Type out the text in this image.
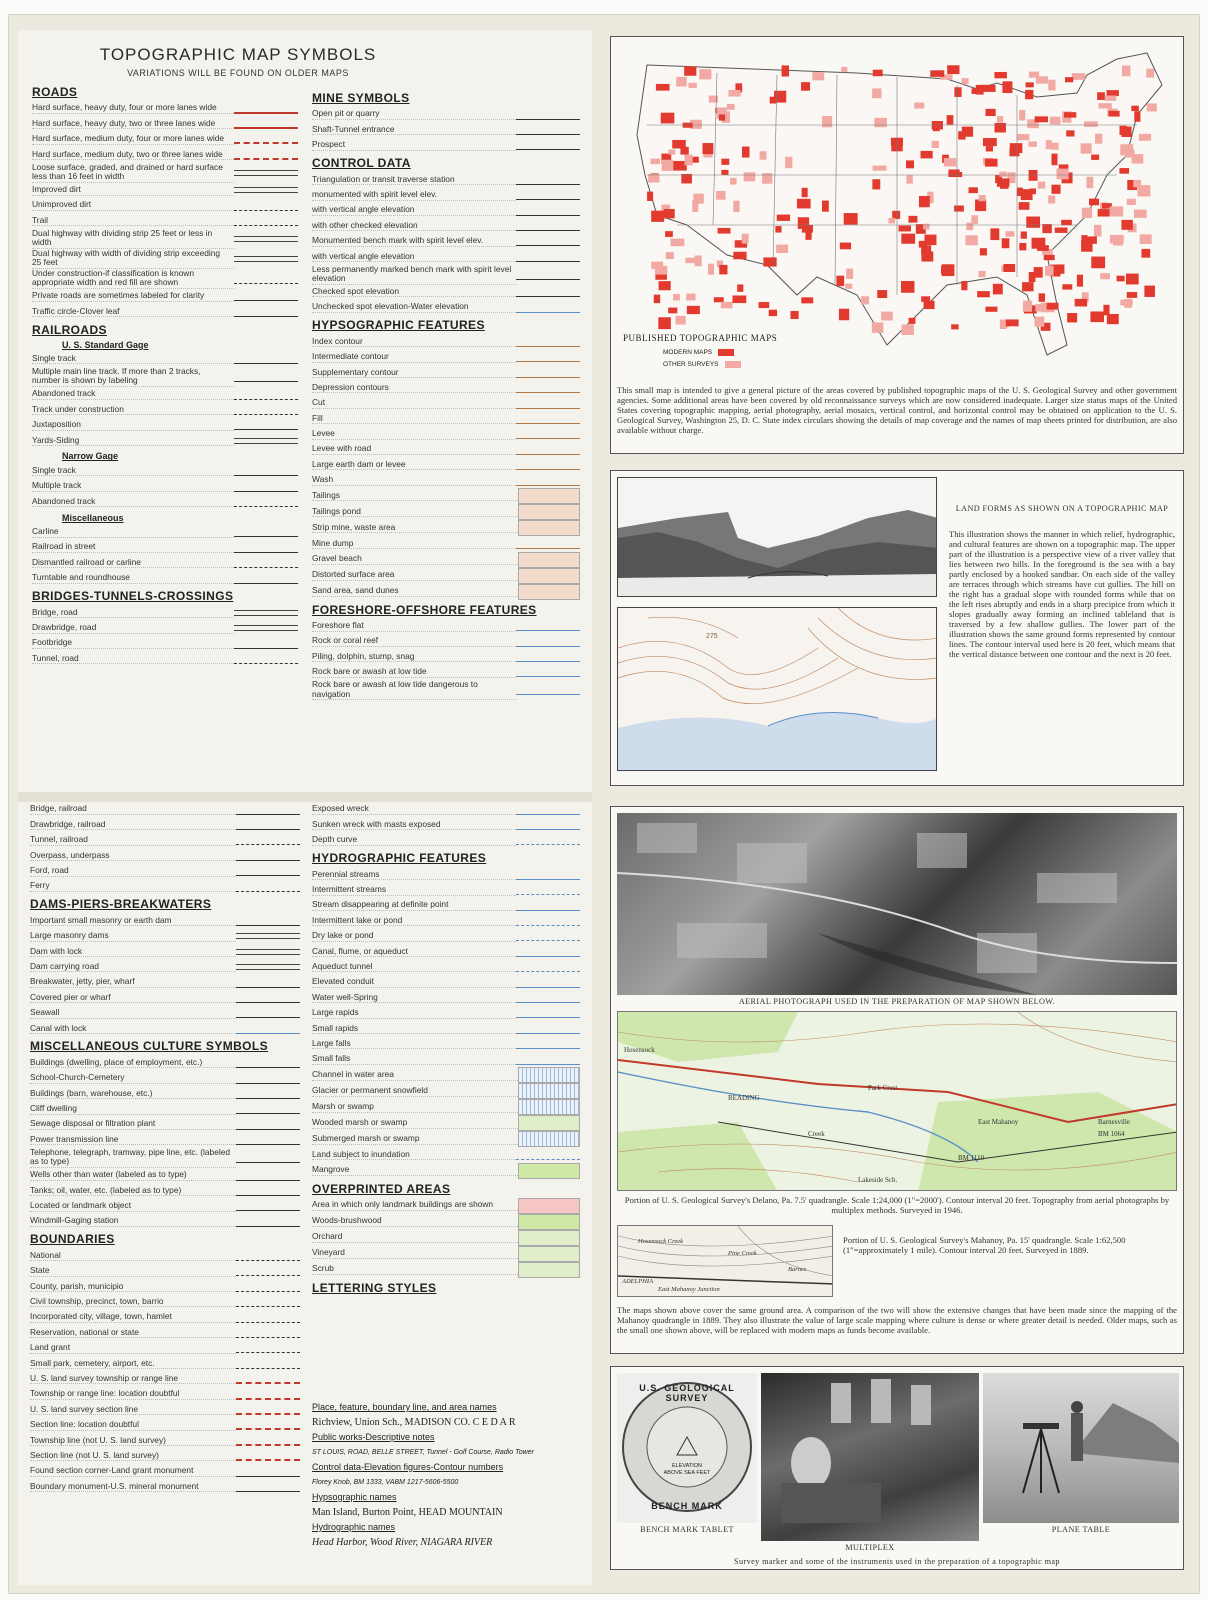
TOPOGRAPHIC MAP SYMBOLS
VARIATIONS WILL BE FOUND ON OLDER MAPS
ROADS
Hard surface, heavy duty, four or more lanes wide
Hard surface, heavy duty, two or three lanes wide
Hard surface, medium duty, four or more lanes wide
Hard surface, medium duty, two or three lanes wide
Loose surface, graded, and drained or hard surface less than 16 feet in width
Improved dirt
Unimproved dirt
Trail
Dual highway with dividing strip 25 feet or less in width
Dual highway with width of dividing strip exceeding 25 feet
Under construction-if classification is known appropriate width and red fill are shown
Private roads are sometimes labeled for clarity
Traffic circle-Clover leaf
RAILROADS
U. S. Standard Gage
Single track
Multiple main line track. If more than 2 tracks, number is shown by labeling
Abandoned track
Track under construction
Juxtaposition
Yards-Siding
Narrow Gage
Single track
Multiple track
Abandoned track
Miscellaneous
Carline
Railroad in street
Dismantled railroad or carline
Turntable and roundhouse
BRIDGES-TUNNELS-CROSSINGS
Bridge, road
Drawbridge, road
Footbridge
Tunnel, road
MINE SYMBOLS
Open pit or quarry
Shaft-Tunnel entrance
Prospect
CONTROL DATA
Triangulation or transit traverse station
monumented with spirit level elev.
with vertical angle elevation
with other checked elevation
Monumented bench mark with spirit level elev.
with vertical angle elevation
Less permanently marked bench mark with spirit level elevation
Checked spot elevation
Unchecked spot elevation-Water elevation
HYPSOGRAPHIC FEATURES
Index contour
Intermediate contour
Supplementary contour
Depression contours
Cut
Fill
Levee
Levee with road
Large earth dam or levee
Wash
Tailings
Tailings pond
Strip mine, waste area
Mine dump
Gravel beach
Distorted surface area
Sand area, sand dunes
FORESHORE-OFFSHORE FEATURES
Foreshore flat
Rock or coral reef
Piling, dolphin, stump, snag
Rock bare or awash at low tide
Rock bare or awash at low tide dangerous to navigation
Bridge, railroad
Drawbridge, railroad
Tunnel, railroad
Overpass, underpass
Ford, road
Ferry
DAMS-PIERS-BREAKWATERS
Important small masonry or earth dam
Large masonry dams
Dam with lock
Dam carrying road
Breakwater, jetty, pier, wharf
Covered pier or wharf
Seawall
Canal with lock
MISCELLANEOUS CULTURE SYMBOLS
Buildings (dwelling, place of employment, etc.)
School-Church-Cemetery
Buildings (barn, warehouse, etc.)
Cliff dwelling
Sewage disposal or filtration plant
Power transmission line
Telephone, telegraph, tramway, pipe line, etc. (labeled as to type)
Wells other than water (labeled as to type)
Tanks; oil, water, etc. (labeled as to type)
Located or landmark object
Windmill-Gaging station
BOUNDARIES
National
State
County, parish, municipio
Civil township, precinct, town, barrio
Incorporated city, village, town, hamlet
Reservation, national or state
Land grant
Small park, cemetery, airport, etc.
U. S. land survey township or range line
Township or range line: location doubtful
U. S. land survey section line
Section line: location doubtful
Township line (not U. S. land survey)
Section line (not U. S. land survey)
Found section corner-Land grant monument
Boundary monument-U.S. mineral monument
Exposed wreck
Sunken wreck with masts exposed
Depth curve
HYDROGRAPHIC FEATURES
Perennial streams
Intermittent streams
Stream disappearing at definite point
Intermittent lake or pond
Dry lake or pond
Canal, flume, or aqueduct
Aqueduct tunnel
Elevated conduit
Water well-Spring
Large rapids
Small rapids
Large falls
Small falls
Channel in water area
Glacier or permanent snowfield
Marsh or swamp
Wooded marsh or swamp
Submerged marsh or swamp
Land subject to inundation
Mangrove
OVERPRINTED AREAS
Area in which only landmark buildings are shown
Woods-brushwood
Orchard
Vineyard
Scrub
LETTERING STYLES
Place, feature, boundary line, and area names
Richview, Union Sch., MADISON CO. C E D A R
Public works-Descriptive notes
ST LOUIS, ROAD, BELLE STREET, Tunnel - Golf Course, Radio Tower
Control data-Elevation figures-Contour numbers
Florey Knob, BM 1333, VABM 1217-5606-5500
Hypsographic names
Man Island, Burton Point, HEAD MOUNTAIN
Hydrographic names
Head Harbor, Wood River, NIAGARA RIVER
PUBLISHED TOPOGRAPHIC MAPS
MODERN MAPS
OTHER SURVEYS
This small map is intended to give a general picture of the areas covered by published topographic maps of the U. S. Geological Survey and other government agencies. Some additional areas have been covered by old reconnaissance surveys which are now considered inadequate. Larger size status maps of the United States covering topographic mapping, aerial photography, aerial mosaics, vertical control, and horizontal control may be obtained on application to the U. S. Geological Survey, Washington 25, D. C. State index circulars showing the details of map coverage and the names of map sheets printed for distribution, are also available without charge.
275
LAND FORMS AS SHOWN ON A TOPOGRAPHIC MAP
This illustration shows the manner in which relief, hydrographic, and cultural features are shown on a topographic map. The upper part of the illustration is a perspective view of a river valley that lies between two hills. In the foreground is the sea with a bay partly enclosed by a hooked sandbar. On each side of the valley are terraces through which streams have cut gullies. The hill on the right has a gradual slope with rounded forms while that on the left rises abruptly and ends in a sharp precipice from which it slopes gradually away forming an inclined tableland that is traversed by a few shallow gullies. The lower part of the illustration shows the same ground forms represented by contour lines. The contour interval used here is 20 feet, which means that the vertical distance between one contour and the next is 20 feet.
AERIAL PHOTOGRAPH USED IN THE PREPARATION OF MAP SHOWN BELOW.
Hosensock
Park Crest
East Mahanoy	Barnesville
Lakeside Sch.
Creek
READING
BM 1064
BM 1110
Portion of U. S. Geological Survey's Delano, Pa. 7.5' quadrangle. Scale 1:24,000 (1"=2000'). Contour interval 20 feet. Topography from aerial photographs by multiplex methods. Surveyed in 1946.
Hosensock Creek
ADELPHIA
Pine Creek
East Mahanoy Junction
Barnes
Portion of U. S. Geological Survey's Mahanoy, Pa. 15' quadrangle. Scale 1:62,500 (1"=approximately 1 mile). Contour interval 20 feet. Surveyed in 1889.
The maps shown above cover the same ground area. A comparison of the two will show the extensive changes that have been made since the mapping of the Mahanoy quadrangle in 1889. They also illustrate the value of large scale mapping where culture is dense or where greater detail is needed. Older maps, such as the small one shown above, will be replaced with modern maps as funds become available.
U.S. GEOLOGICAL SURVEY
BENCH MARK
ELEVATION ABOVE SEA FEET
BENCH MARK TABLET
MULTIPLEX
PLANE TABLE
Survey marker and some of the instruments used in the preparation of a topographic map
